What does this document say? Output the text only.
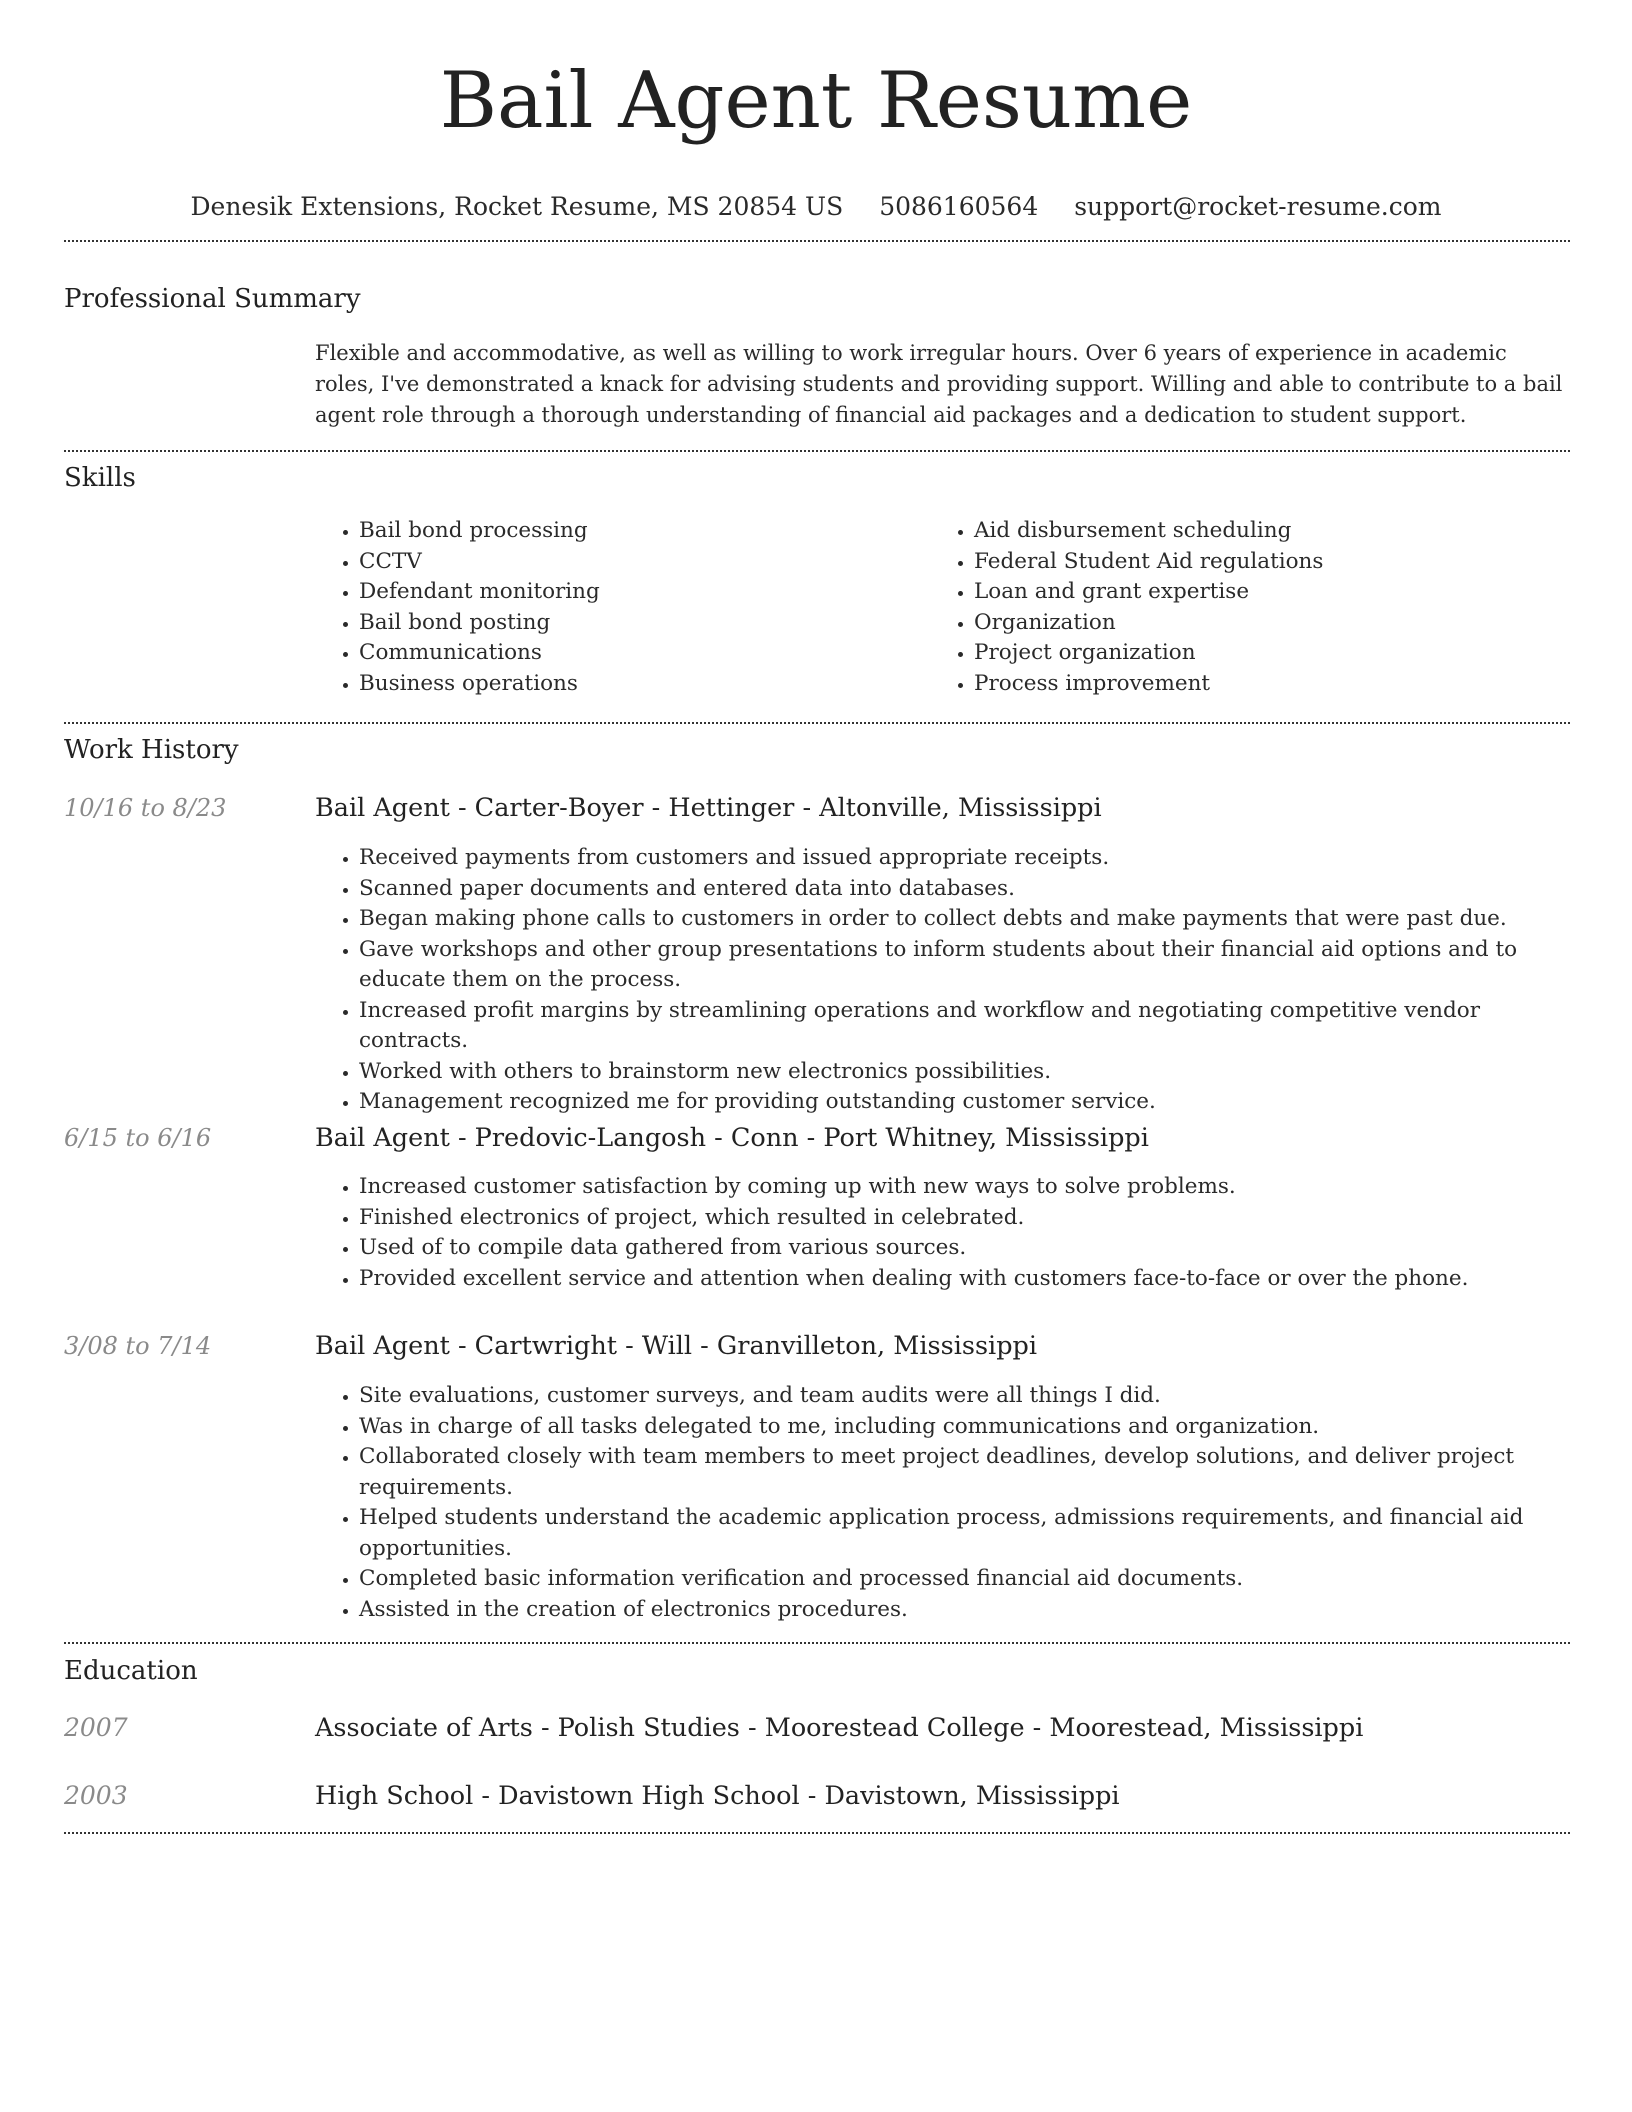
Bail Agent Resume
Denesik Extensions, Rocket Resume, MS 20854 US 5086160564 support@rocket-resume.com
Professional Summary

Flexible and accommodative, as well as willing to work irregular hours. Over 6 years of experience in academic roles, I've demonstrated a knack for advising students and providing support. Willing and able to contribute to a bail agent role through a thorough understanding of financial aid packages and a dedication to student support.

Skills
• Bail bond processing
• CCTV
• Defendant monitoring
• Bail bond posting
• Communications
• Business operations
• Aid disbursement scheduling
• Federal Student Aid regulations
• Loan and grant expertise
• Organization
• Project organization
• Process improvement
Work History
10/16 to 8/23	Bail Agent - Carter-Boyer - Hettinger - Altonville, Mississippi
• Received payments from customers and issued appropriate receipts.
• Scanned paper documents and entered data into databases.
• Began making phone calls to customers in order to collect debts and make payments that were past due.
• Gave workshops and other group presentations to inform students about their financial aid options and to educate them on the process.
• Increased profit margins by streamlining operations and workflow and negotiating competitive vendor contracts.
• Worked with others to brainstorm new electronics possibilities.
• Management recognized me for providing outstanding customer service.
6/15 to 6/16	Bail Agent - Predovic-Langosh - Conn - Port Whitney, Mississippi
• Increased customer satisfaction by coming up with new ways to solve problems.
• Finished electronics of project, which resulted in celebrated.
• Used of to compile data gathered from various sources.
• Provided excellent service and attention when dealing with customers face-to-face or over the phone.
3/08 to 7/14	Bail Agent - Cartwright - Will - Granvilleton, Mississippi
• Site evaluations, customer surveys, and team audits were all things I did.
• Was in charge of all tasks delegated to me, including communications and organization.
• Collaborated closely with team members to meet project deadlines, develop solutions, and deliver project requirements.
• Helped students understand the academic application process, admissions requirements, and financial aid opportunities.
• Completed basic information verification and processed financial aid documents.
• Assisted in the creation of electronics procedures.
Education
2007	Associate of Arts - Polish Studies - Moorestead College - Moorestead, Mississippi
2003	High School - Davistown High School - Davistown, Mississippi
